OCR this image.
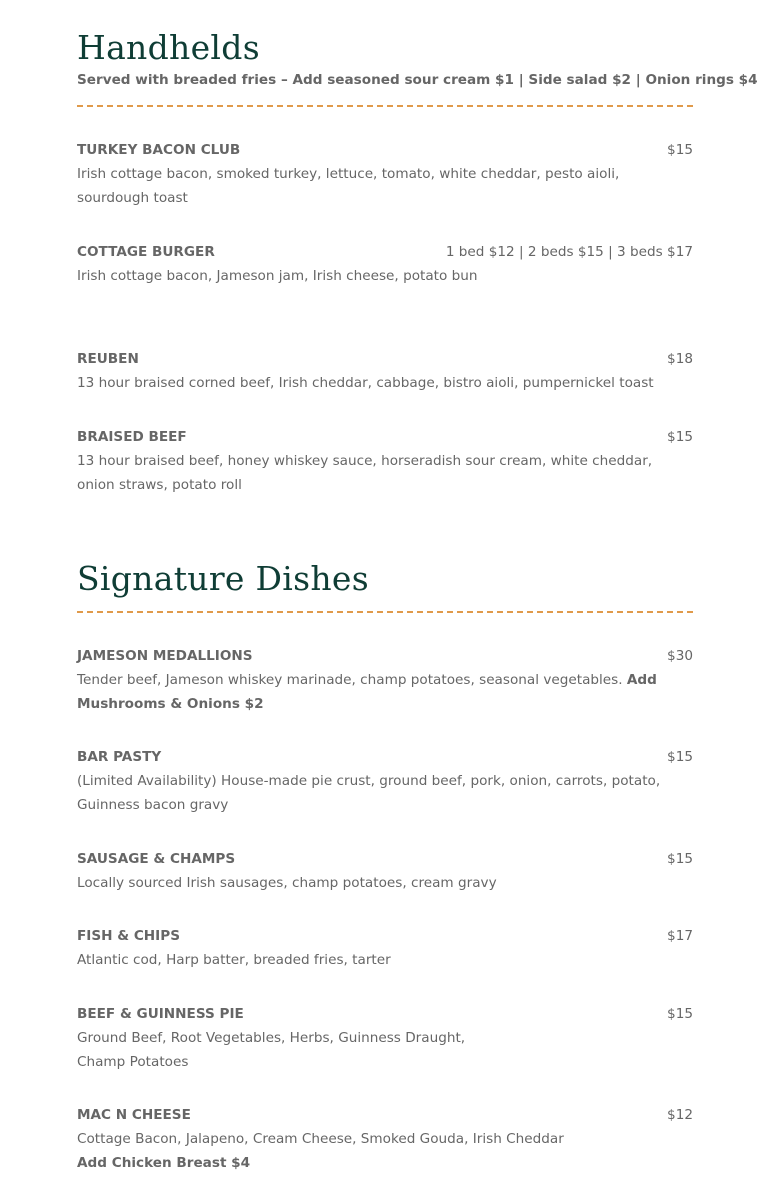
Handhelds
Served with breaded fries – Add seasoned sour cream $1 | Side salad $2 | Onion rings $4
TURKEY BACON CLUB	$15
Irish cottage bacon, smoked turkey, lettuce, tomato, white cheddar, pesto aioli, sourdough toast
COTTAGE BURGER	1 bed $12 | 2 beds $15 | 3 beds $17
Irish cottage bacon, Jameson jam, Irish cheese, potato bun
REUBEN	$18
13 hour braised corned beef, Irish cheddar, cabbage, bistro aioli, pumpernickel toast
BRAISED BEEF	$15
13 hour braised beef, honey whiskey sauce, horseradish sour cream, white cheddar, onion straws, potato roll
Signature Dishes
JAMESON MEDALLIONS	$30
Tender beef, Jameson whiskey marinade, champ potatoes, seasonal vegetables. Add Mushrooms & Onions $2
BAR PASTY	$15
(Limited Availability) House-made pie crust, ground beef, pork, onion, carrots, potato, Guinness bacon gravy
SAUSAGE & CHAMPS	$15
Locally sourced Irish sausages, champ potatoes, cream gravy
FISH & CHIPS	$17
Atlantic cod, Harp batter, breaded fries, tarter
BEEF & GUINNESS PIE	$15
Ground Beef, Root Vegetables, Herbs, Guinness Draught, Champ Potatoes
MAC N CHEESE	$12
Cottage Bacon, Jalapeno, Cream Cheese, Smoked Gouda, Irish Cheddar
Add Chicken Breast $4
